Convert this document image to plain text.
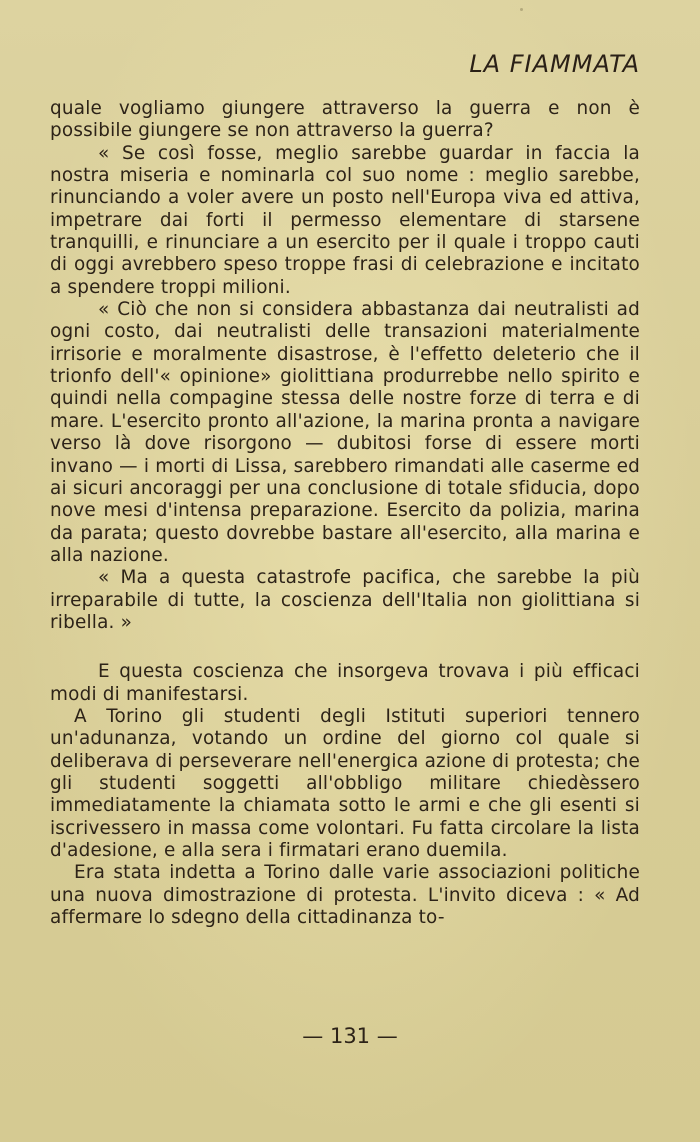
LA FIAMMATA

quale vogliamo giungere attraverso la guerra e non è possibile giungere se non attraverso la guerra?

« Se così fosse, meglio sarebbe guardar in faccia la nostra miseria e nominarla col suo nome : meglio sarebbe, rinunciando a voler avere un posto nell'Europa viva ed attiva, impetrare dai forti il permesso elementare di starsene tranquilli, e rinunciare a un esercito per il quale i troppo cauti di oggi avrebbero speso troppe frasi di celebrazione e incitato a spendere troppi milioni.

« Ciò che non si considera abbastanza dai neutralisti ad ogni costo, dai neutralisti delle transazioni materialmente irrisorie e moralmente disastrose, è l'effetto deleterio che il trionfo dell'« opinione» giolittiana produrrebbe nello spirito e quindi nella compagine stessa delle nostre forze di terra e di mare. L'esercito pronto all'azione, la marina pronta a navigare verso là dove risorgono — dubitosi forse di essere morti invano — i morti di Lissa, sarebbero rimandati alle caserme ed ai sicuri ancoraggi per una conclusione di totale sfiducia, dopo nove mesi d'intensa preparazione. Esercito da polizia, marina da parata; questo dovrebbe bastare all'esercito, alla marina e alla nazione.

« Ma a questa catastrofe pacifica, che sarebbe la più irreparabile di tutte, la coscienza dell'Italia non giolittiana si ribella. »

E questa coscienza che insorgeva trovava i più efficaci modi di manifestarsi.

A Torino gli studenti degli Istituti superiori tennero un'adunanza, votando un ordine del giorno col quale si deliberava di perseverare nell'energica azione di protesta; che gli studenti soggetti all'obbligo militare chiedèssero immediatamente la chiamata sotto le armi e che gli esenti si iscrivessero in massa come volontari. Fu fatta circolare la lista d'adesione, e alla sera i firmatari erano duemila.

Era stata indetta a Torino dalle varie associazioni politiche una nuova dimostrazione di protesta. L'invito diceva : « Ad affermare lo sdegno della cittadinanza to-

— 131 —
